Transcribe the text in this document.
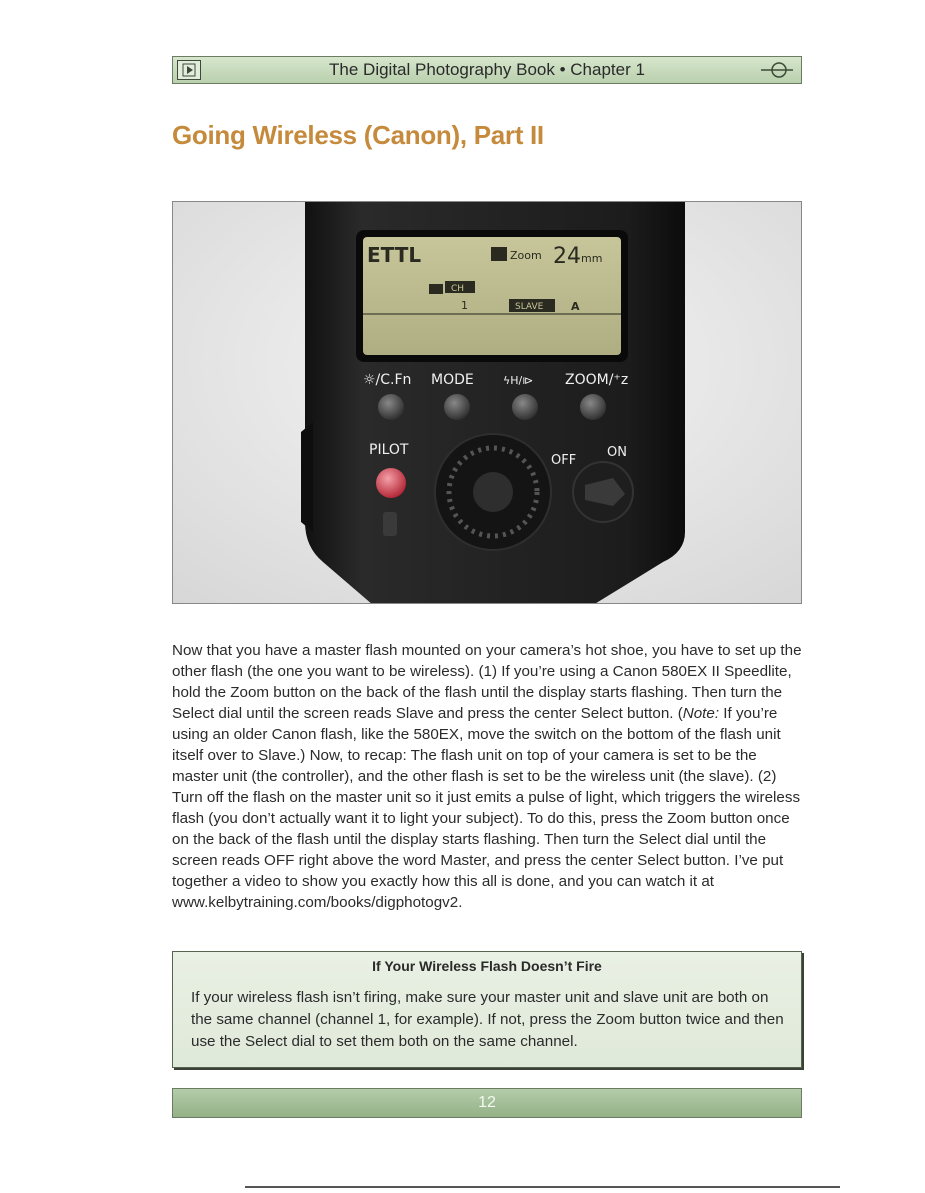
The Digital Photography Book • Chapter 1
Going Wireless (Canon), Part II
ETTL	Zoom 24 mm
CH
1	SLAVE	A
☼/C.Fn MODE	ϟH/⧐ ZOOM/⁺z
PILOT
OFF
ON

Now that you have a master flash mounted on your camera’s hot shoe, you have to set up the other flash (the one you want to be wireless). (1) If you’re using a Canon 580EX II Speedlite, hold the Zoom button on the back of the flash until the display starts flashing. Then turn the Select dial until the screen reads Slave and press the center Select button. (Note: If you’re using an older Canon flash, like the 580EX, move the switch on the bottom of the flash unit itself over to Slave.) Now, to recap: The flash unit on top of your camera is set to be the master unit (the controller), and the other flash is set to be the wireless unit (the slave). (2) Turn off the flash on the master unit so it just emits a pulse of light, which triggers the wireless flash (you don’t actually want it to light your subject). To do this, press the Zoom button once on the back of the flash until the display starts flashing. Then turn the Select dial until the screen reads OFF right above the word Master, and press the center Select button. I’ve put together a video to show you exactly how this all is done, and you can watch it at www.kelbytraining.com/books/digphotogv2.

If Your Wireless Flash Doesn’t Fire

If your wireless flash isn’t firing, make sure your master unit and slave unit are both on the same channel (channel 1, for example). If not, press the Zoom button twice and then use the Select dial to set them both on the same channel.

12
